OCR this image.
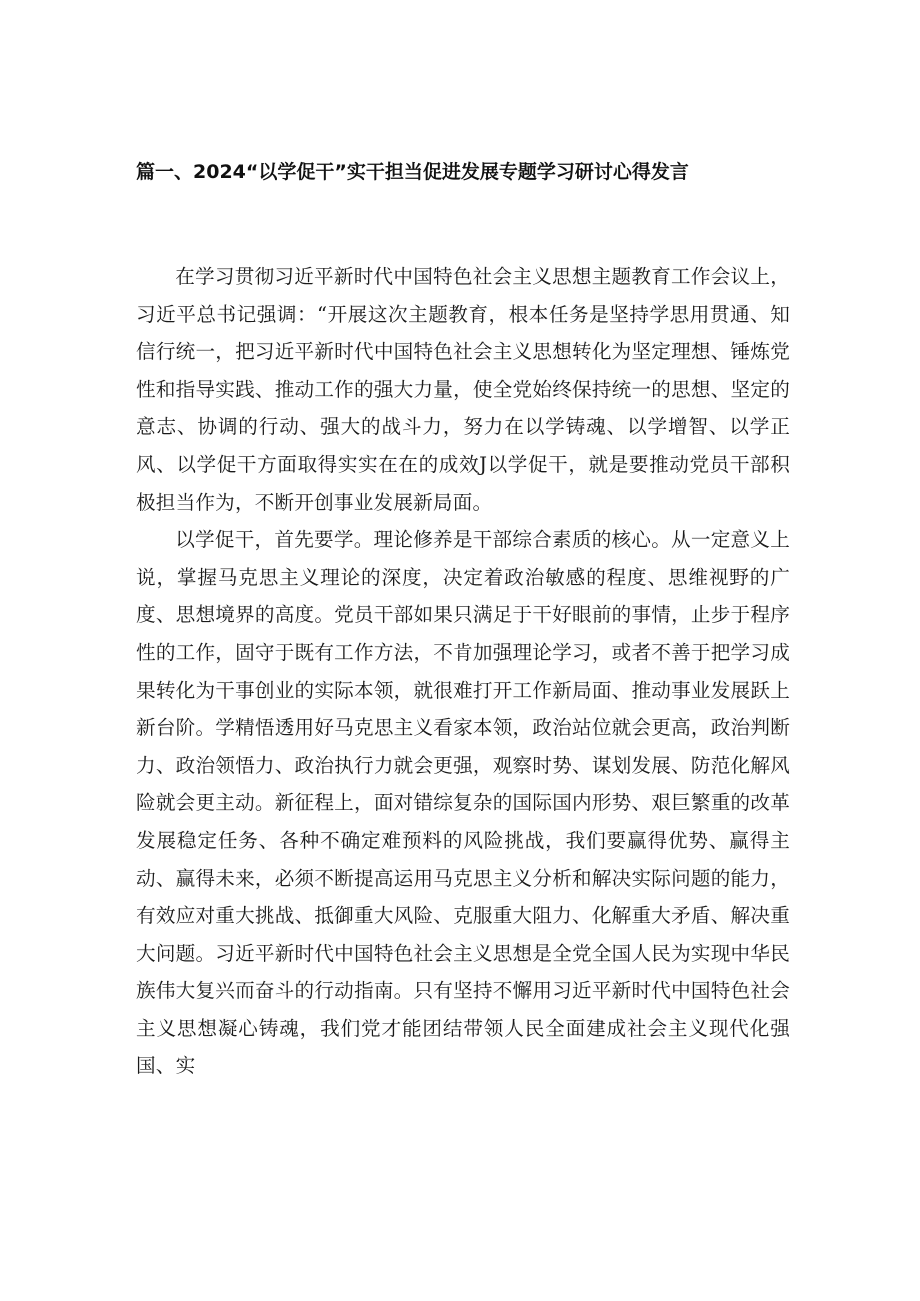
篇一、2024“以学促干”实干担当促进发展专题学习研讨心得发言

在学习贯彻习近平新时代中国特色社会主义思想主题教育工作会议上，习近平总书记强调：“开展这次主题教育，根本任务是坚持学思用贯通、知信行统一，把习近平新时代中国特色社会主义思想转化为坚定理想、锤炼党性和指导实践、推动工作的强大力量，使全党始终保持统一的思想、坚定的意志、协调的行动、强大的战斗力，努力在以学铸魂、以学增智、以学正风、以学促干方面取得实实在在的成效J以学促干，就是要推动党员干部积极担当作为，不断开创事业发展新局面。

以学促干，首先要学。理论修养是干部综合素质的核心。从一定意义上说，掌握马克思主义理论的深度，决定着政治敏感的程度、思维视野的广度、思想境界的高度。党员干部如果只满足于干好眼前的事情，止步于程序性的工作，固守于既有工作方法，不肯加强理论学习，或者不善于把学习成果转化为干事创业的实际本领，就很难打开工作新局面、推动事业发展跃上新台阶。学精悟透用好马克思主义看家本领，政治站位就会更高，政治判断力、政治领悟力、政治执行力就会更强，观察时势、谋划发展、防范化解风险就会更主动。新征程上，面对错综复杂的国际国内形势、艰巨繁重的改革发展稳定任务、各种不确定难预料的风险挑战，我们要赢得优势、赢得主动、赢得未来，必须不断提高运用马克思主义分析和解决实际问题的能力，有效应对重大挑战、抵御重大风险、克服重大阻力、化解重大矛盾、解决重大问题。习近平新时代中国特色社会主义思想是全党全国人民为实现中华民族伟大复兴而奋斗的行动指南。只有坚持不懈用习近平新时代中国特色社会主义思想凝心铸魂，我们党才能团结带领人民全面建成社会主义现代化强国、实
